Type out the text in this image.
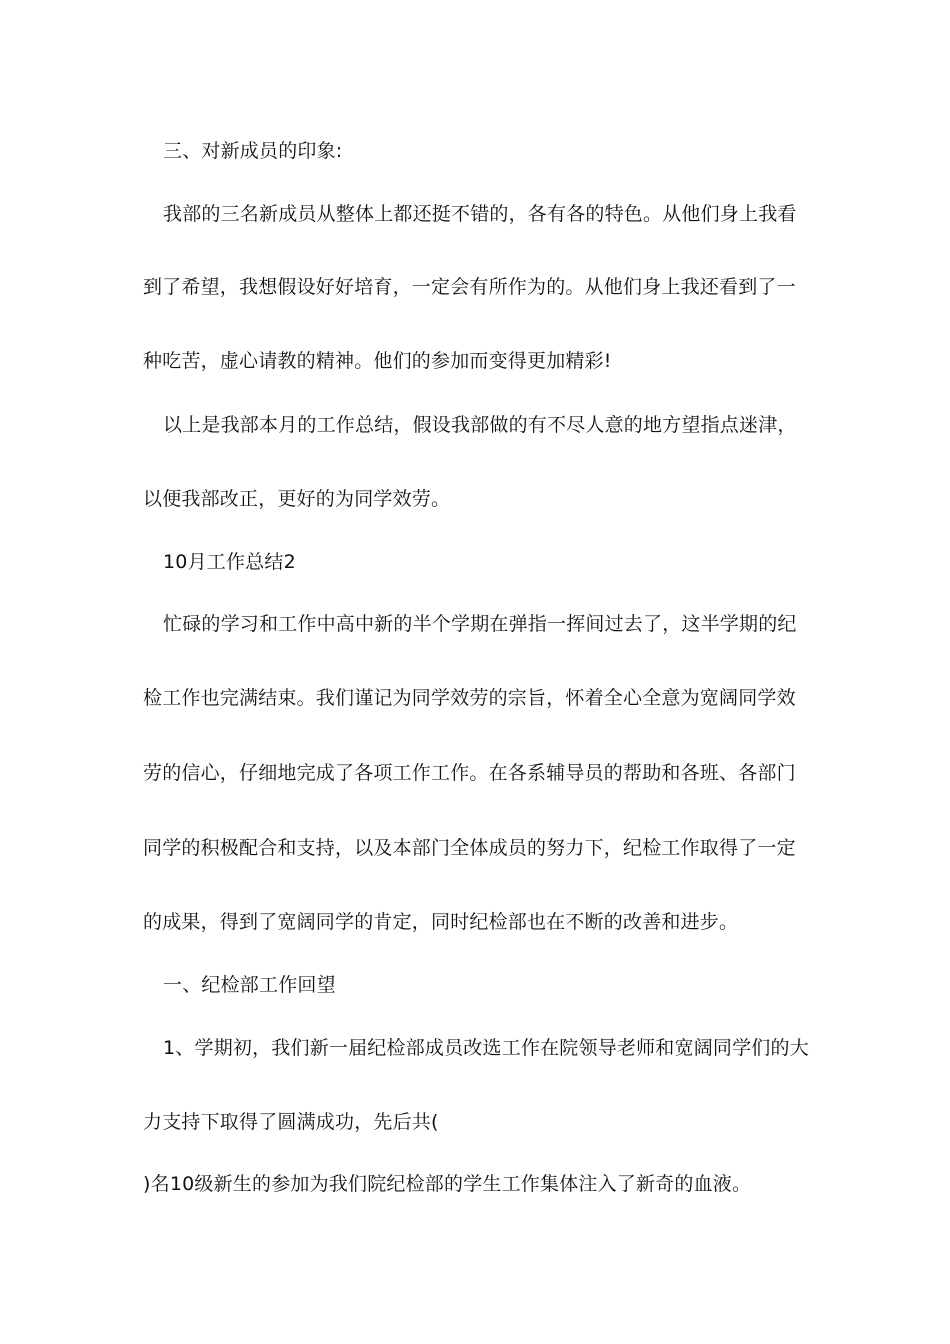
三、对新成员的印象:
我部的三名新成员从整体上都还挺不错的，各有各的特色。从他们身上我看
到了希望，我想假设好好培育，一定会有所作为的。从他们身上我还看到了一
种吃苦，虚心请教的精神。他们的参加而变得更加精彩!
以上是我部本月的工作总结，假设我部做的有不尽人意的地方望指点迷津，
以便我部改正，更好的为同学效劳。
10月工作总结2
忙碌的学习和工作中高中新的半个学期在弹指一挥间过去了，这半学期的纪
检工作也完满结束。我们谨记为同学效劳的宗旨，怀着全心全意为宽阔同学效
劳的信心，仔细地完成了各项工作工作。在各系辅导员的帮助和各班、各部门
同学的积极配合和支持，以及本部门全体成员的努力下，纪检工作取得了一定
的成果，得到了宽阔同学的肯定，同时纪检部也在不断的改善和进步。
一、纪检部工作回望
1、学期初，我们新一届纪检部成员改选工作在院领导老师和宽阔同学们的大
力支持下取得了圆满成功，先后共(
)名10级新生的参加为我们院纪检部的学生工作集体注入了新奇的血液。
